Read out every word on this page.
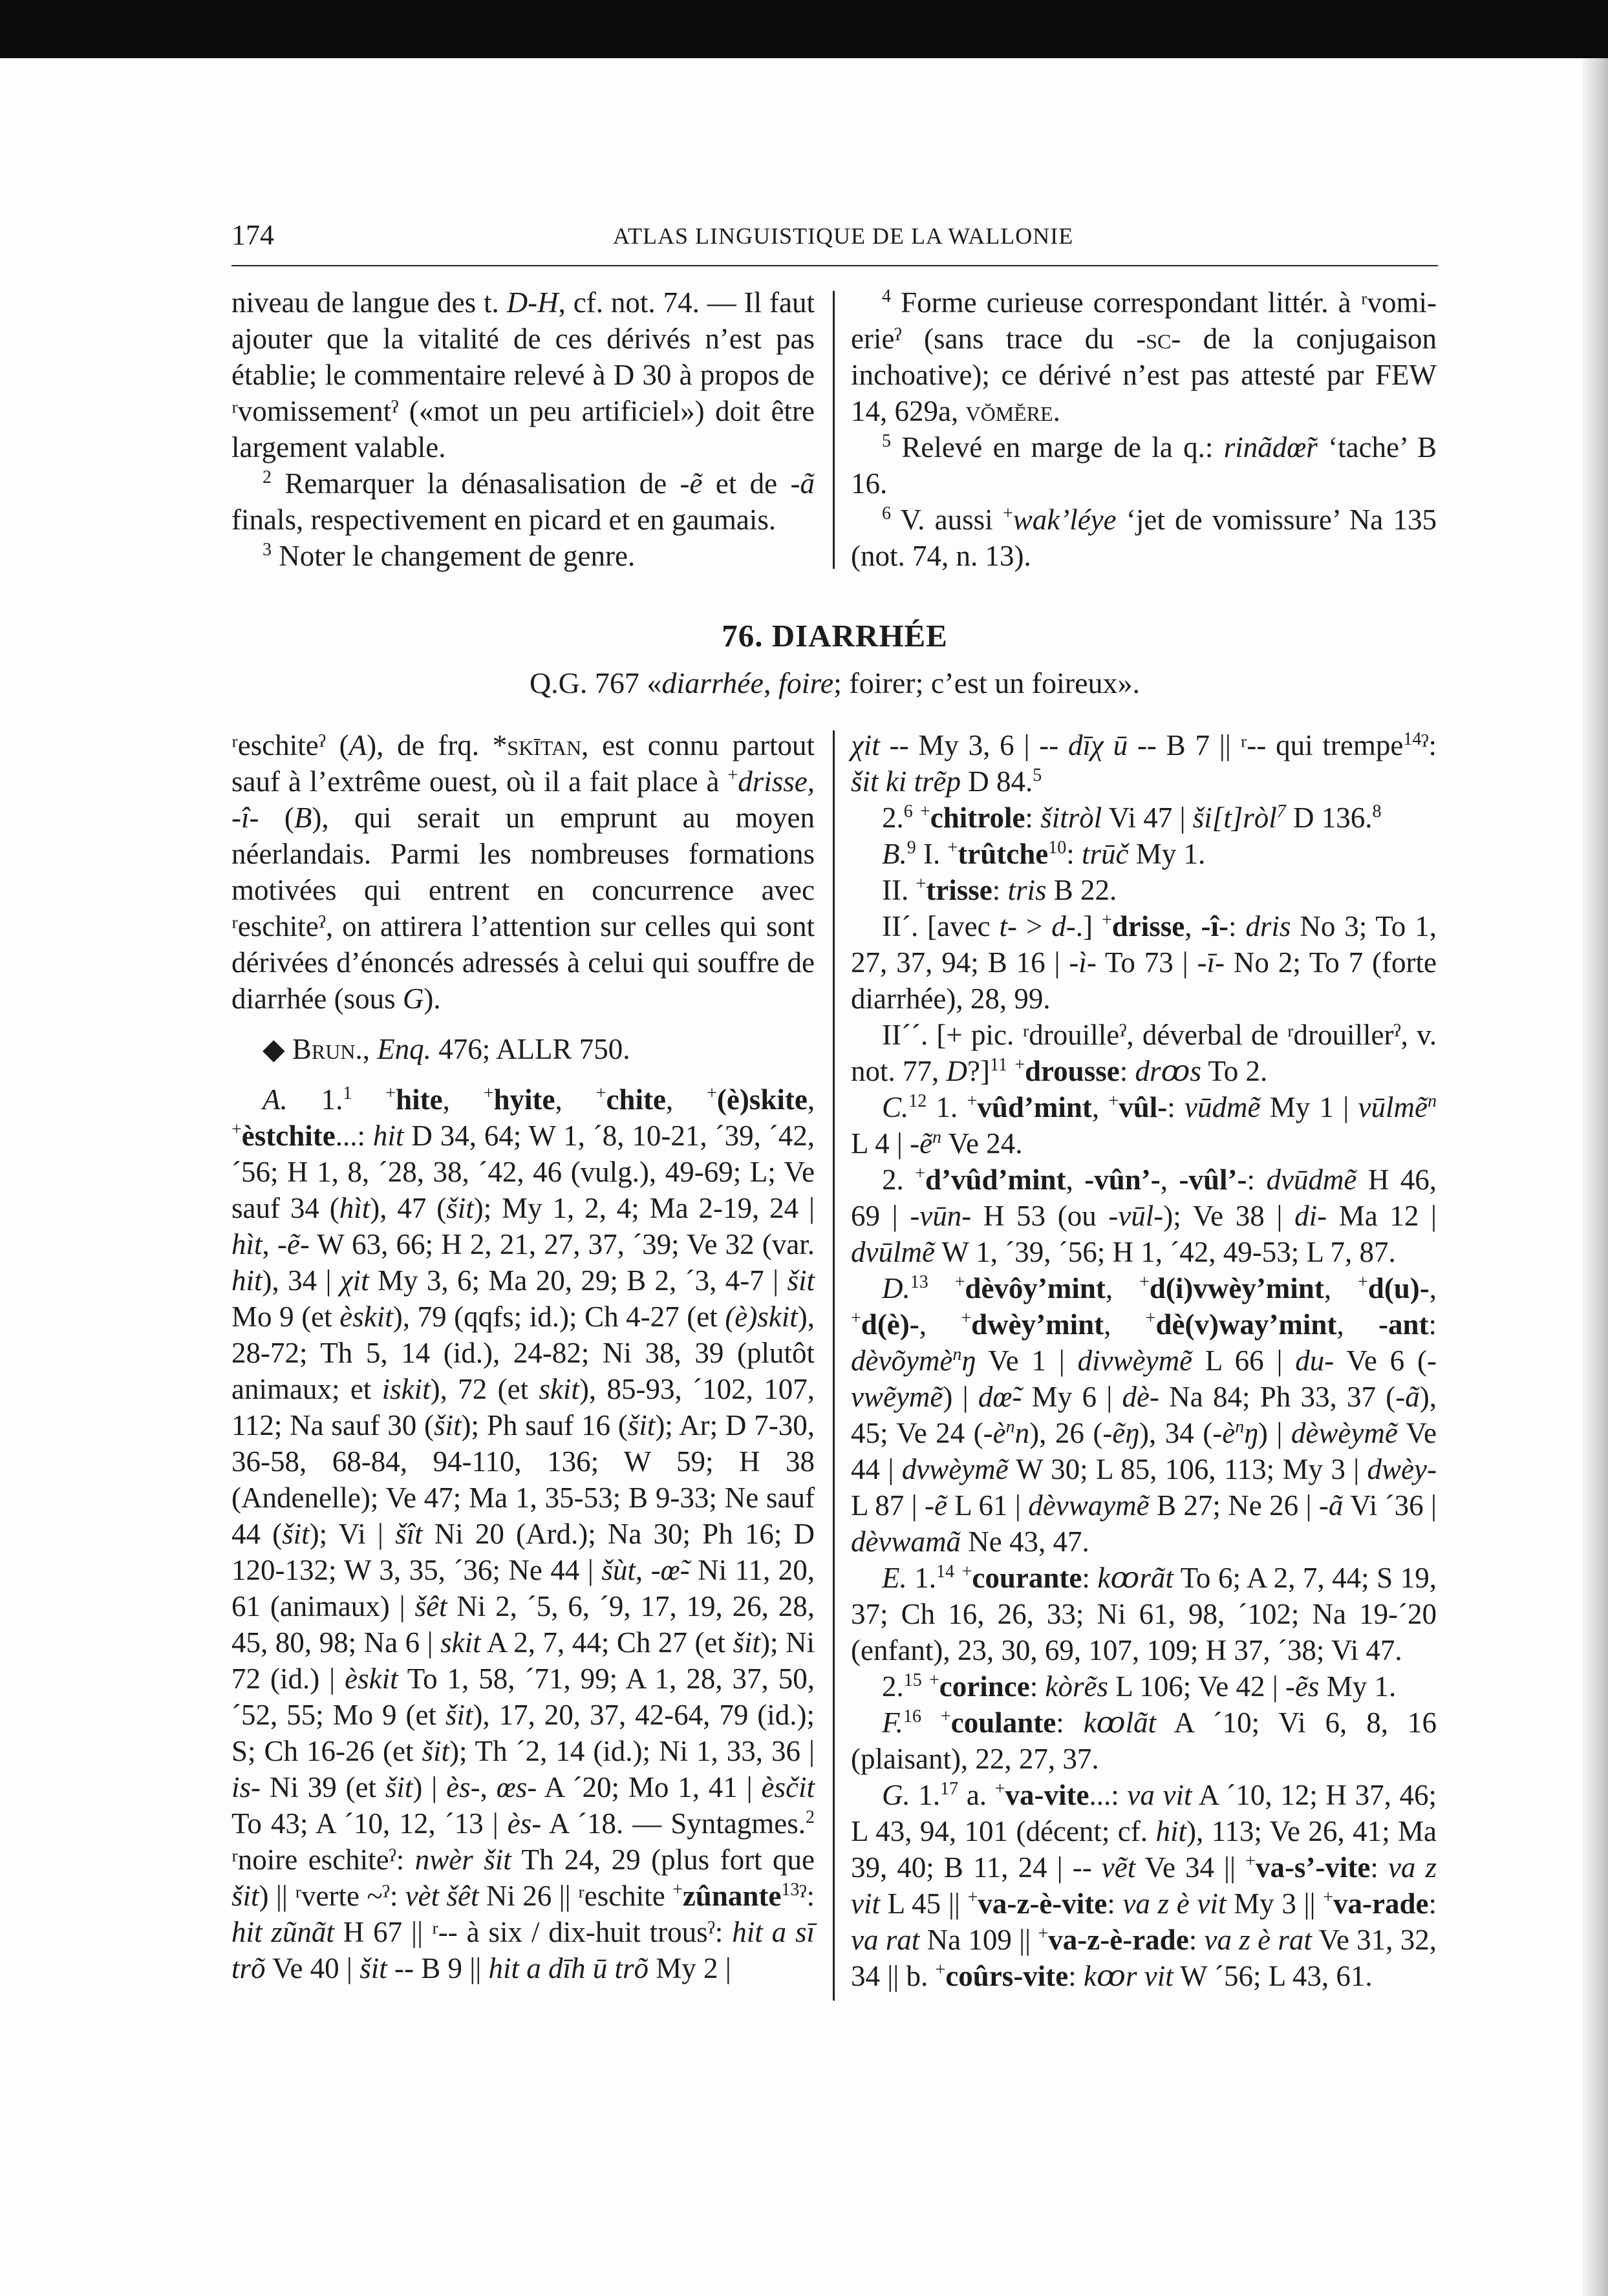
174	ATLAS LINGUISTIQUE DE LA WALLONIE

niveau de langue des t. D-H, cf. not. 74. — Il faut ajouter que la vitalité de ces dérivés n’est pas établie; le commentaire relevé à D 30 à propos de ʳvomissementˀ («mot un peu artificiel») doit être largement valable.

$^2$ Remarquer la dénasalisation de -ẽ et de -ã finals, respectivement en picard et en gaumais.

$^3$ Noter le changement de genre.

$^4$ Forme curieuse correspondant littér. à ʳvomi-erieˀ (sans trace du -sc- de la conjugaison inchoative); ce dérivé n’est pas attesté par FEW 14, 629a, vŏmĕre.

$^5$ Relevé en marge de la q.: rinãdœ̃r ‘tache’ B 16.

$^6$ V. aussi +wak’léye ‘jet de vomissure’ Na 135 (not. 74, n. 13).

76. DIARRHÉE
Q.G. 767 «diarrhée, foire; foirer; c’est un foireux».

ʳeschiteˀ (A), de frq. *skītan, est connu partout sauf à l’extrême ouest, où il a fait place à +drisse, -î- (B), qui serait un emprunt au moyen néerlandais. Parmi les nombreuses formations motivées qui entrent en concurrence avec ʳeschiteˀ, on attirera l’attention sur celles qui sont dérivées d’énoncés adressés à celui qui souffre de diarrhée (sous G).

◆ Brun., Enq. 476; ALLR 750.

A. 1.$^1$ +hite, +hyite, +chite, +(è)skite, +èstchite...: hit D 34, 64; W 1, ´8, 10-21, ´39, ´42, ´56; H 1, 8, ´28, 38, ´42, 46 (vulg.), 49-69; L; Ve sauf 34 (hìt), 47 (šit); My 1, 2, 4; Ma 2-19, 24 | hìt, -ẽ- W 63, 66; H 2, 21, 27, 37, ´39; Ve 32 (var. hit), 34 | χit My 3, 6; Ma 20, 29; B 2, ´3, 4-7 | šit Mo 9 (et èskit), 79 (qqfs; id.); Ch 4-27 (et (è)skit), 28-72; Th 5, 14 (id.), 24-82; Ni 38, 39 (plutôt animaux; et iskit), 72 (et skit), 85-93, ´102, 107, 112; Na sauf 30 (šit); Ph sauf 16 (šit); Ar; D 7-30, 36-58, 68-84, 94-110, 136; W 59; H 38 (Andenelle); Ve 47; Ma 1, 35-53; B 9-33; Ne sauf 44 (šit); Vi | šît Ni 20 (Ard.); Na 30; Ph 16; D 120-132; W 3, 35, ´36; Ne 44 | šùt, -œ̃- Ni 11, 20, 61 (animaux) | šêt Ni 2, ´5, 6, ´9, 17, 19, 26, 28, 45, 80, 98; Na 6 | skit A 2, 7, 44; Ch 27 (et šit); Ni 72 (id.) | èskit To 1, 58, ´71, 99; A 1, 28, 37, 50, ´52, 55; Mo 9 (et šit), 17, 20, 37, 42-64, 79 (id.); S; Ch 16-26 (et šit); Th ´2, 14 (id.); Ni 1, 33, 36 | is- Ni 39 (et šit) | ès-, œs- A ´20; Mo 1, 41 | èsčit To 43; A ´10, 12, ´13 | ès- A ´18. — Syntagmes.$^2$ ʳnoire eschiteˀ: nwèr šit Th 24, 29 (plus fort que šit) || ʳverte ~ˀ: vèt šêt Ni 26 || ʳeschite +zûnante$^{13}$ˀ: hit zũnãt H 67 || ʳ-- à six / dix-huit trousˀ: hit a sī trõ Ve 40 | šit -- B 9 || hit a dīh ū trõ My 2 |

χit -- My 3, 6 | -- dīχ ū -- B 7 || ʳ-- qui trempe$^{14}$ˀ: šit ki trẽp D 84.$^5$

2.$^6$ +chitrole: šitròl Vi 47 | ši[t]ròl$^7$ D 136.$^8$

B.$^9$ I. +trûtche$^{10}$: trūč My 1.

II. +trisse: tris B 22.

II´. [avec t- > d-.] +drisse, -î-: dris No 3; To 1, 27, 37, 94; B 16 | -ì- To 73 | -ī- No 2; To 7 (forte diarrhée), 28, 99.

II´´. [+ pic. ʳdrouilleˀ, déverbal de ʳdrouillerˀ, v. not. 77, D?]$^{11}$ +drousse: drꝏs To 2.

C.$^{12}$ 1. +vûd’mint, +vûl-: vūdmẽ My 1 | vūlmẽ$^n$ L 4 | -ẽ$^n$ Ve 24.

2. +d’vûd’mint, -vûn’-, -vûl’-: dvūdmẽ H 46, 69 | -vūn- H 53 (ou -vūl-); Ve 38 | di- Ma 12 | dvūlmẽ W 1, ´39, ´56; H 1, ´42, 49-53; L 7, 87.

D.$^{13}$ +dèvôy’mint, +d(i)vwèy’mint, +d(u)-, +d(è)-, +dwèy’mint, +dè(v)way’mint, -ant: dèvõymè$^n$ŋ Ve 1 | divwèymẽ L 66 | du- Ve 6 (-vwẽymẽ) | dœ̃- My 6 | dè- Na 84; Ph 33, 37 (-ã), 45; Ve 24 $(-è^nn)$, 26 (-ẽŋ), 34 $(-è^nŋ)$ | dèwèymẽ Ve 44 | dvwèymẽ W 30; L 85, 106, 113; My 3 | dwèy- L 87 | -ẽ L 61 | dèvwaymẽ B 27; Ne 26 | -ã Vi ´36 | dèvwamã Ne 43, 47.

E. 1.14 +courante: kꝏrãt To 6; A 2, 7, 44; S 19, 37; Ch 16, 26, 33; Ni 61, 98, ´102; Na 19-´20 (enfant), 23, 30, 69, 107, 109; H 37, ´38; Vi 47.

2.15 +corince: kòrẽs L 106; Ve 42 | -ẽs My 1.

F.$^{16}$ +coulante: kꝏlãt A ´10; Vi 6, 8, 16 (plaisant), 22, 27, 37.

G. 1.17 a. +va-vite...: va vit A ´10, 12; H 37, 46; L 43, 94, 101 (décent; cf. hit), 113; Ve 26, 41; Ma 39, 40; B 11, 24 | -- vẽt Ve 34 || +va-s’-vite: va z vit L 45 || +va-z-è-vite: va z è vit My 3 || +va-rade: va rat Na 109 || +va-z-è-rade: va z è rat Ve 31, 32, 34 || b. +coûrs-vite: kꝏr vit W ´56; L 43, 61.
